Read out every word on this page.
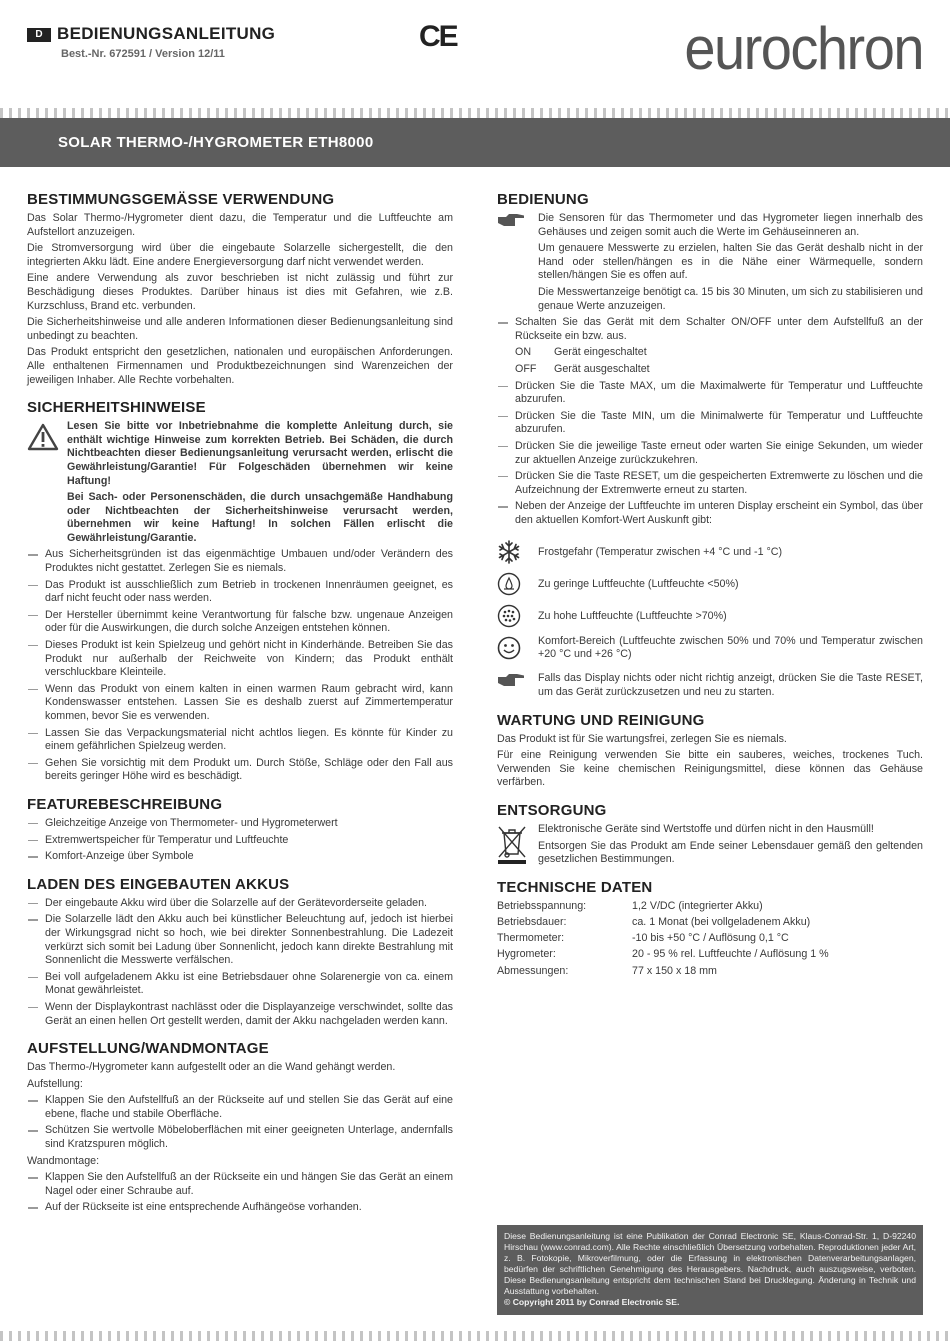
D BEDIENUNGSANLEITUNG
Best.-Nr. 672591 / Version 12/11
CE	eurochron
SOLAR THERMO-/HYGROMETER ETH8000
BESTIMMUNGSGEMÄSSE VERWENDUNG

Das Solar Thermo-/Hygrometer dient dazu, die Temperatur und die Luftfeuchte am Aufstellort anzuzeigen.

Die Stromversorgung wird über die eingebaute Solarzelle sichergestellt, die den integrierten Akku lädt. Eine andere Energieversorgung darf nicht verwendet werden.

Eine andere Verwendung als zuvor beschrieben ist nicht zulässig und führt zur Beschädigung dieses Produktes. Darüber hinaus ist dies mit Gefahren, wie z.B. Kurzschluss, Brand etc. verbunden.

Die Sicherheitshinweise und alle anderen Informationen dieser Bedienungsanleitung sind unbedingt zu beachten.

Das Produkt entspricht den gesetzlichen, nationalen und europäischen Anforderungen. Alle enthaltenen Firmennamen und Produktbezeichnungen sind Warenzeichen der jeweiligen Inhaber. Alle Rechte vorbehalten.

SICHERHEITSHINWEISE

Lesen Sie bitte vor Inbetriebnahme die komplette Anleitung durch, sie enthält wichtige Hinweise zum korrekten Betrieb. Bei Schäden, die durch Nichtbeachten dieser Bedienungsanleitung verursacht werden, erlischt die Gewährleistung/Garantie! Für Folgeschäden übernehmen wir keine Haftung!

Bei Sach- oder Personenschäden, die durch unsachgemäße Handhabung oder Nichtbeachten der Sicherheitshinweise verursacht werden, übernehmen wir keine Haftung! In solchen Fällen erlischt die Gewährleistung/Garantie.

Aus Sicherheitsgründen ist das eigenmächtige Umbauen und/oder Verändern des Produktes nicht gestattet. Zerlegen Sie es niemals.
Das Produkt ist ausschließlich zum Betrieb in trockenen Innenräumen geeignet, es darf nicht feucht oder nass werden.
Der Hersteller übernimmt keine Verantwortung für falsche bzw. ungenaue Anzeigen oder für die Auswirkungen, die durch solche Anzeigen entstehen können.
Dieses Produkt ist kein Spielzeug und gehört nicht in Kinderhände. Betreiben Sie das Produkt nur außerhalb der Reichweite von Kindern; das Produkt enthält verschluckbare Kleinteile.
Wenn das Produkt von einem kalten in einen warmen Raum gebracht wird, kann Kondenswasser entstehen. Lassen Sie es deshalb zuerst auf Zimmertemperatur kommen, bevor Sie es verwenden.
Lassen Sie das Verpackungsmaterial nicht achtlos liegen. Es könnte für Kinder zu einem gefährlichen Spielzeug werden.
Gehen Sie vorsichtig mit dem Produkt um. Durch Stöße, Schläge oder den Fall aus bereits geringer Höhe wird es beschädigt.
FEATUREBESCHREIBUNG
Gleichzeitige Anzeige von Thermometer- und Hygrometerwert
Extremwertspeicher für Temperatur und Luftfeuchte
Komfort-Anzeige über Symbole
LADEN DES EINGEBAUTEN AKKUS
Der eingebaute Akku wird über die Solarzelle auf der Gerätevorderseite geladen.
Die Solarzelle lädt den Akku auch bei künstlicher Beleuchtung auf, jedoch ist hierbei der Wirkungsgrad nicht so hoch, wie bei direkter Sonnenbestrahlung. Die Ladezeit verkürzt sich somit bei Ladung über Sonnenlicht, jedoch kann direkte Bestrahlung mit Sonnenlicht die Messwerte verfälschen.
Bei voll aufgeladenem Akku ist eine Betriebsdauer ohne Solarenergie von ca. einem Monat gewährleistet.
Wenn der Displaykontrast nachlässt oder die Displayanzeige verschwindet, sollte das Gerät an einen hellen Ort gestellt werden, damit der Akku nachgeladen werden kann.
AUFSTELLUNG/WANDMONTAGE

Das Thermo-/Hygrometer kann aufgestellt oder an die Wand gehängt werden.

Aufstellung:

Klappen Sie den Aufstellfuß an der Rückseite auf und stellen Sie das Gerät auf eine ebene, flache und stabile Oberfläche.
Schützen Sie wertvolle Möbeloberflächen mit einer geeigneten Unterlage, andernfalls sind Kratzspuren möglich.

Wandmontage:

Klappen Sie den Aufstellfuß an der Rückseite ein und hängen Sie das Gerät an einem Nagel oder einer Schraube auf.
Auf der Rückseite ist eine entsprechende Aufhängeöse vorhanden.
BEDIENUNG

Die Sensoren für das Thermometer und das Hygrometer liegen innerhalb des Gehäuses und zeigen somit auch die Werte im Gehäuseinneren an.

Um genauere Messwerte zu erzielen, halten Sie das Gerät deshalb nicht in der Hand oder stellen/hängen es in die Nähe einer Wärmequelle, sondern stellen/hängen Sie es offen auf.

Die Messwertanzeige benötigt ca. 15 bis 30 Minuten, um sich zu stabilisieren und genaue Werte anzuzeigen.

Schalten Sie das Gerät mit dem Schalter ON/OFF unter dem Aufstellfuß an der Rückseite ein bzw. aus.
ON	Gerät eingeschaltet
OFF	Gerät ausgeschaltet
Drücken Sie die Taste MAX, um die Maximalwerte für Temperatur und Luftfeuchte abzurufen.
Drücken Sie die Taste MIN, um die Minimalwerte für Temperatur und Luftfeuchte abzurufen.
Drücken Sie die jeweilige Taste erneut oder warten Sie einige Sekunden, um wieder zur aktuellen Anzeige zurückzukehren.
Drücken Sie die Taste RESET, um die gespeicherten Extremwerte zu löschen und die Aufzeichnung der Extremwerte erneut zu starten.
Neben der Anzeige der Luftfeuchte im unteren Display erscheint ein Symbol, das über den aktuellen Komfort-Wert Auskunft gibt:
Frostgefahr (Temperatur zwischen +4 °C und -1 °C)
Zu geringe Luftfeuchte (Luftfeuchte <50%)
Zu hohe Luftfeuchte (Luftfeuchte >70%)
Komfort-Bereich (Luftfeuchte zwischen 50% und 70% und Temperatur zwischen +20 °C und +26 °C)

Falls das Display nichts oder nicht richtig anzeigt, drücken Sie die Taste RESET, um das Gerät zurückzusetzen und neu zu starten.

WARTUNG UND REINIGUNG

Das Produkt ist für Sie wartungsfrei, zerlegen Sie es niemals.

Für eine Reinigung verwenden Sie bitte ein sauberes, weiches, trockenes Tuch. Verwenden Sie keine chemischen Reinigungsmittel, diese können das Gehäuse verfärben.

ENTSORGUNG

Elektronische Geräte sind Wertstoffe und dürfen nicht in den Hausmüll!

Entsorgen Sie das Produkt am Ende seiner Lebensdauer gemäß den geltenden gesetzlichen Bestimmungen.

TECHNISCHE DATEN
Betriebsspannung:	1,2 V/DC (integrierter Akku)
Betriebsdauer:	ca. 1 Monat (bei vollgeladenem Akku)
Thermometer:	-10 bis +50 °C / Auflösung 0,1 °C
Hygrometer:	20 - 95 % rel. Luftfeuchte / Auflösung 1 %
Abmessungen:	77 x 150 x 18 mm
Diese Bedienungsanleitung ist eine Publikation der Conrad Electronic SE, Klaus-Conrad-Str. 1, D-92240 Hirschau (www.conrad.com). Alle Rechte einschließlich Übersetzung vorbehalten. Reproduktionen jeder Art, z. B. Fotokopie, Mikroverfilmung, oder die Erfassung in elektronischen Datenverarbeitungsanlagen, bedürfen der schriftlichen Genehmigung des Herausgebers. Nachdruck, auch auszugsweise, verboten. Diese Bedienungsanleitung entspricht dem technischen Stand bei Drucklegung. Änderung in Technik und Ausstattung vorbehalten.
© Copyright 2011 by Conrad Electronic SE.
